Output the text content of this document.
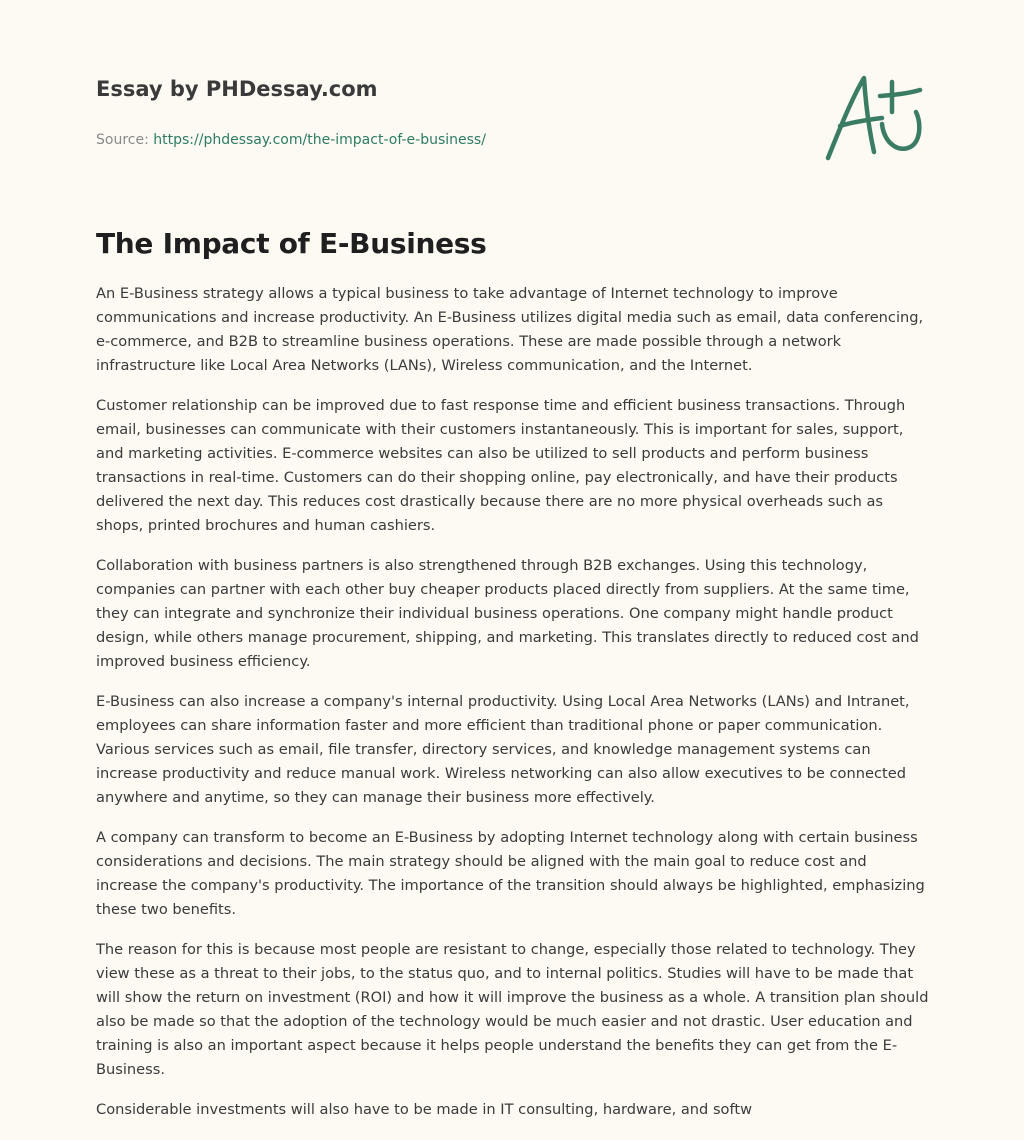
Essay by PHDessay.com
Source: https://phdessay.com/the-impact-of-e-business/
The Impact of E-Business

An E-Business strategy allows a typical business to take advantage of Internet technology to improve communications and increase productivity. An E-Business utilizes digital media such as email, data conferencing, e-commerce, and B2B to streamline business operations. These are made possible through a network infrastructure like Local Area Networks (LANs), Wireless communication, and the Internet.

Customer relationship can be improved due to fast response time and efficient business transactions. Through email, businesses can communicate with their customers instantaneously. This is important for sales, support, and marketing activities. E-commerce websites can also be utilized to sell products and perform business transactions in real-time. Customers can do their shopping online, pay electronically, and have their products delivered the next day. This reduces cost drastically because there are no more physical overheads such as shops, printed brochures and human cashiers.

Collaboration with business partners is also strengthened through B2B exchanges. Using this technology, companies can partner with each other buy cheaper products placed directly from suppliers. At the same time, they can integrate and synchronize their individual business operations. One company might handle product design, while others manage procurement, shipping, and marketing. This translates directly to reduced cost and improved business efficiency.

E-Business can also increase a company's internal productivity. Using Local Area Networks (LANs) and Intranet, employees can share information faster and more efficient than traditional phone or paper communication. Various services such as email, file transfer, directory services, and knowledge management systems can increase productivity and reduce manual work. Wireless networking can also allow executives to be connected anywhere and anytime, so they can manage their business more effectively.

A company can transform to become an E-Business by adopting Internet technology along with certain business considerations and decisions. The main strategy should be aligned with the main goal to reduce cost and increase the company's productivity. The importance of the transition should always be highlighted, emphasizing these two benefits.

The reason for this is because most people are resistant to change, especially those related to technology. They view these as a threat to their jobs, to the status quo, and to internal politics. Studies will have to be made that will show the return on investment (ROI) and how it will improve the business as a whole. A transition plan should also be made so that the adoption of the technology would be much easier and not drastic. User education and training is also an important aspect because it helps people understand the benefits they can get from the E-Business.

Considerable investments will also have to be made in IT consulting, hardware, and softw
